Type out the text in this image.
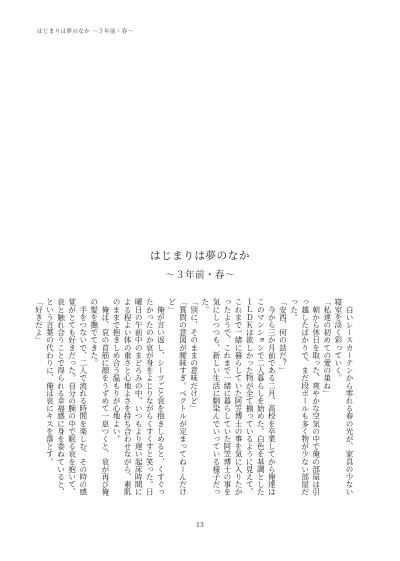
はじまりは夢のなか ～３年前・春～
はじまりは夢のなか
～３年前・春～

　白いレースカーテンから零れる春の光が、家具の少ない寝室を淡く彩っていく。

「私達の初めての愛の巣ね」

　朝から休日を取った、爽やかな空気の中で俺の部屋は引っ越したばかりで、まだ段ボールも多く物が少ない部屋だった。

「安西、何の話だ？」

　今から三か月前である二月、高校を卒業してから俺達はこのマンションで二人暮らしを始めた。白色を基調とした１ＬＤＫは欲しかった物が全て揃っているように見えて、これまで一緒に暮らしていた阿笠博士の事を気に入りたかったようで、これまで一緒に暮らしていた阿笠博士の事を気にしつつも、新しい生活に馴染んでいっている様子だった。

「別に、そのままの意味だけど」

「質問の意図が曖昧すぎ。ベクトルが定まってねーんだけど」

　俺が言い返し、シーツごと哀を抱きしめると、くすぐったかったのか哀が身をよじりながらくすくすと笑った。日曜日の午前中のまどろみの中、いつもより遅い起床時間による程よい体の重さと心地よさを持ち合わせながら、素肌のままで抱きしめ合う温もりが心地よい。

　俺は、哀の首筋に顔をうずめて一息つくと、哀が再び俺の髪を撫でてきた。

　手をつないで、二人で流れる時間を楽しむ、その時の感覚がとても好きだった。自分の腕の中で眠る哀を抱いて、哀と触れ合うことで得られる幸福感に身を委ねていると、という言葉の代わりに、俺は哀にキスを落とす。

「好きだよ」

13
